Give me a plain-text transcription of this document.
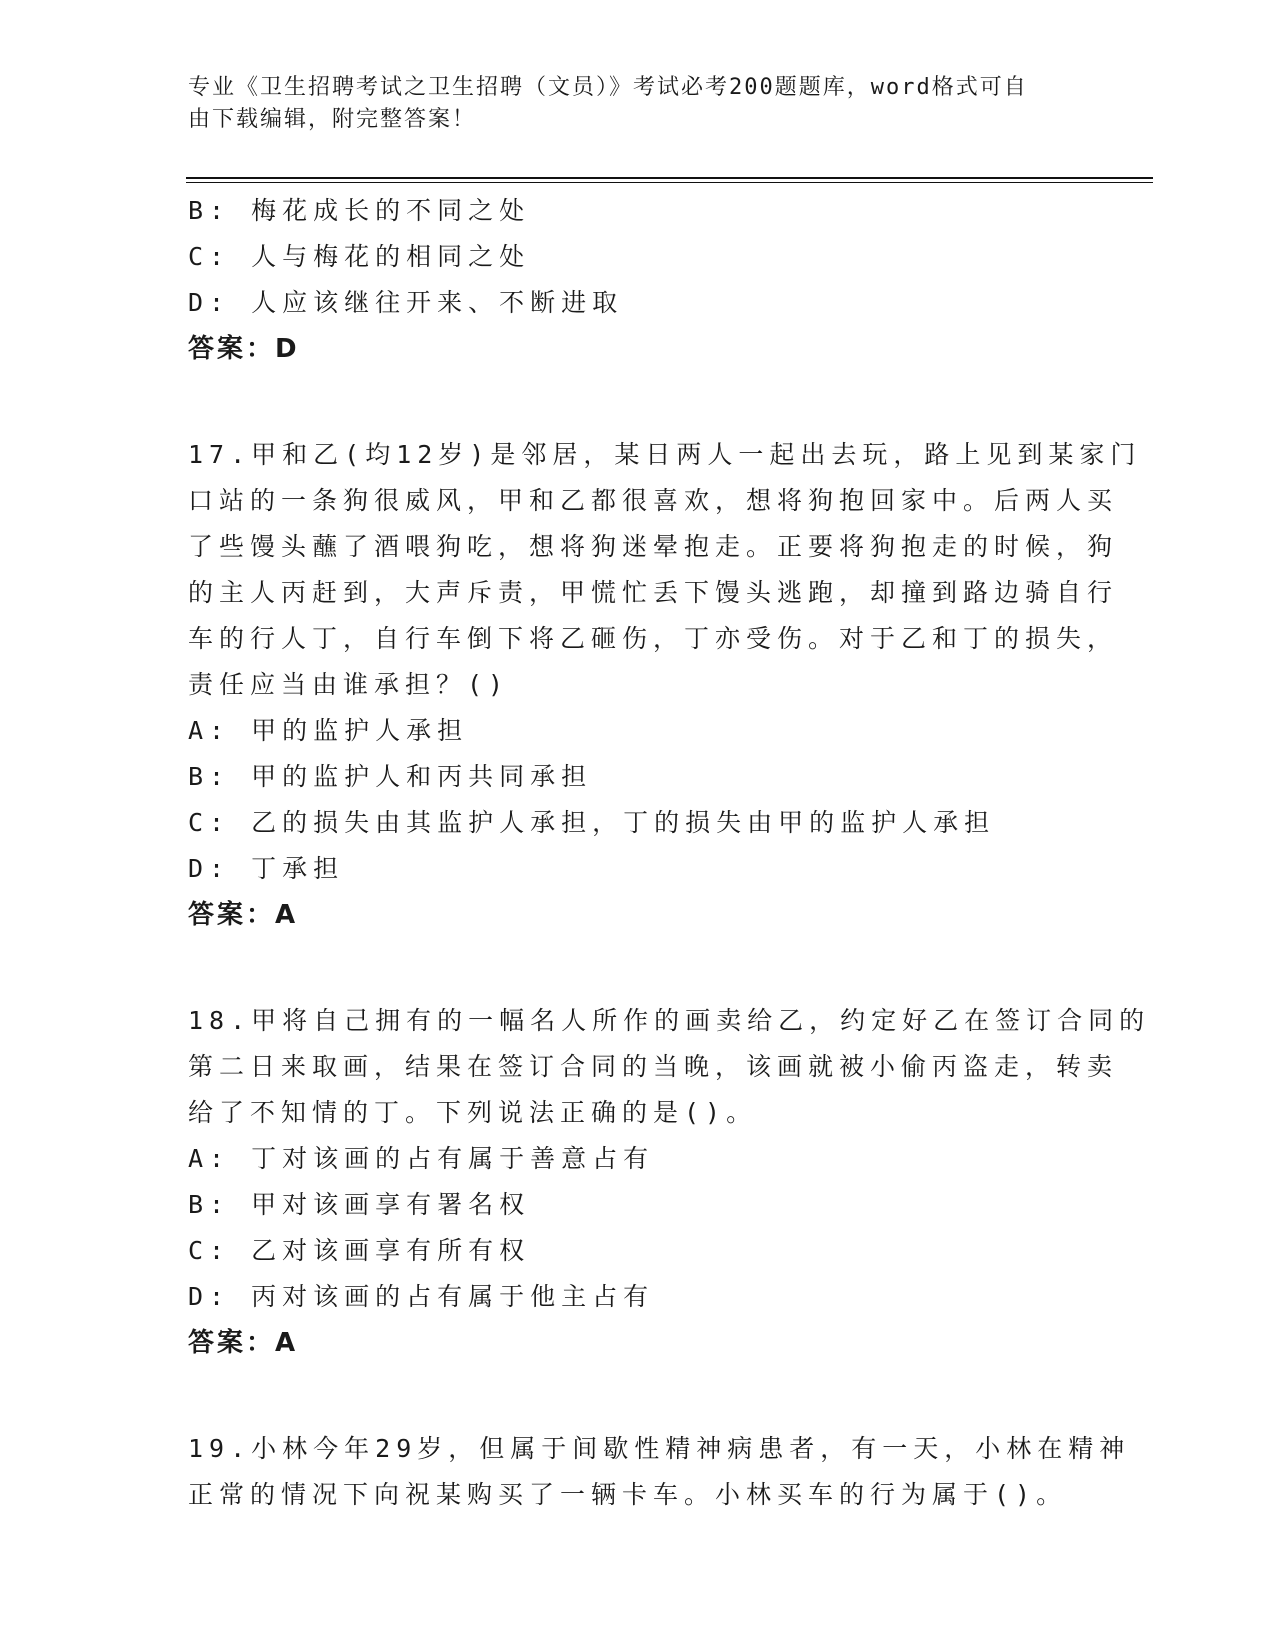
专业《卫生招聘考试之卫生招聘（文员）》考试必考200题题库，word格式可自
由下载编辑，附完整答案！
B: 梅花成长的不同之处
C: 人与梅花的相同之处
D: 人应该继往开来、不断进取
答案：D
17.甲和乙(均12岁)是邻居，某日两人一起出去玩，路上见到某家门
口站的一条狗很威风，甲和乙都很喜欢，想将狗抱回家中。后两人买
了些馒头蘸了酒喂狗吃，想将狗迷晕抱走。正要将狗抱走的时候，狗
的主人丙赶到，大声斥责，甲慌忙丢下馒头逃跑，却撞到路边骑自行
车的行人丁，自行车倒下将乙砸伤，丁亦受伤。对于乙和丁的损失，
责任应当由谁承担？()
A: 甲的监护人承担
B: 甲的监护人和丙共同承担
C: 乙的损失由其监护人承担，丁的损失由甲的监护人承担
D: 丁承担
答案：A
18.甲将自己拥有的一幅名人所作的画卖给乙，约定好乙在签订合同的
第二日来取画，结果在签订合同的当晚，该画就被小偷丙盗走，转卖
给了不知情的丁。下列说法正确的是()。
A: 丁对该画的占有属于善意占有
B: 甲对该画享有署名权
C: 乙对该画享有所有权
D: 丙对该画的占有属于他主占有
答案：A
19.小林今年29岁，但属于间歇性精神病患者，有一天，小林在精神
正常的情况下向祝某购买了一辆卡车。小林买车的行为属于()。
